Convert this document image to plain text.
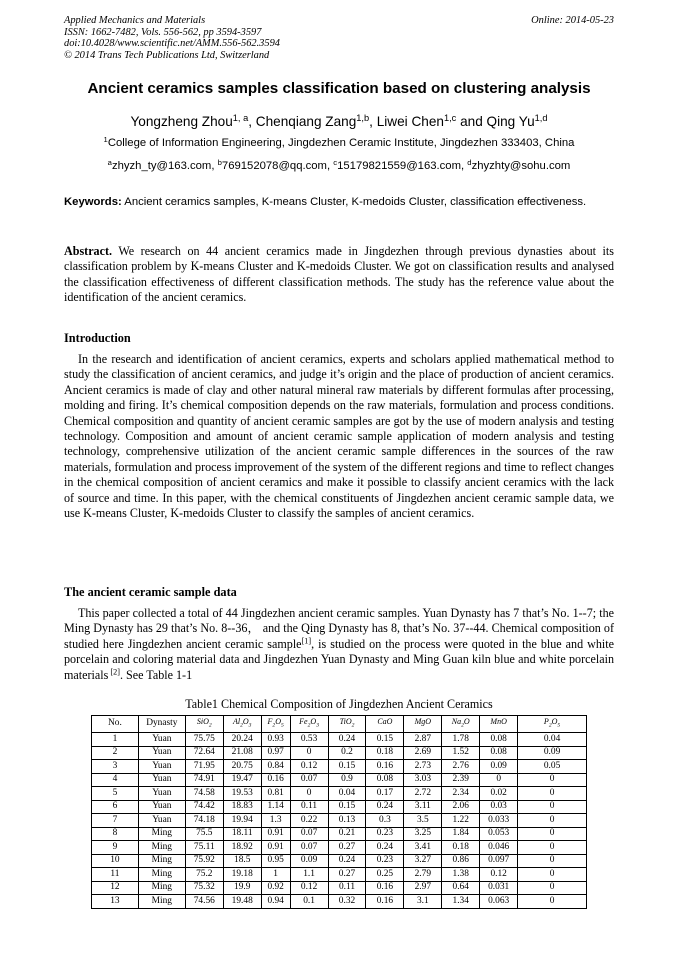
Applied Mechanics and Materials
ISSN: 1662-7482, Vols. 556-562, pp 3594-3597
doi:10.4028/www.scientific.net/AMM.556-562.3594
© 2014 Trans Tech Publications Ltd, Switzerland
Online: 2014-05-23
Ancient ceramics samples classification based on clustering analysis
Yongzheng Zhou$^{1, a}$, Chenqiang Zang$^{1,b}$, Liwei Chen$^{1,c}$ and Qing Yu$^{1,d}$
$^1$College of Information Engineering, Jingdezhen Ceramic Institute, Jingdezhen 333403, China
$^a$zhyzh_ty@163.com, $^b$769152078@qq.com, $^c$15179821559@163.com, $^d$zhyzhty@sohu.com
Keywords: Ancient ceramics samples, K-means Cluster, K-medoids Cluster, classification effectiveness.
Abstract. We research on 44 ancient ceramics made in Jingdezhen through previous dynasties about its classification problem by K-means Cluster and K-medoids Cluster. We got on classification results and analysed the classification effectiveness of different classification methods. The study has the reference value about the identification of the ancient ceramics.
Introduction
In the research and identification of ancient ceramics, experts and scholars applied mathematical method to study the classification of ancient ceramics, and judge it’s origin and the place of production of ancient ceramics. Ancient ceramics is made of clay and other natural mineral raw materials by different formulas after processing, molding and firing. It’s chemical composition depends on the raw materials, formulation and process conditions. Chemical composition and quantity of ancient ceramic samples are got by the use of modern analysis and testing technology. Composition and amount of ancient ceramic sample application of modern analysis and testing technology, comprehensive utilization of the ancient ceramic sample differences in the sources of the raw materials, formulation and process improvement of the system of the different regions and time to reflect changes in the chemical composition of ancient ceramics and make it possible to classify ancient ceramics with the lack of source and time. In this paper, with the chemical constituents of Jingdezhen ancient ceramic sample data, we use K-means Cluster, K-medoids Cluster to classify the samples of ancient ceramics.
The ancient ceramic sample data
This paper collected a total of 44 Jingdezhen ancient ceramic samples. Yuan Dynasty has 7 that’s No. 1--7; the Ming Dynasty has 29 that’s No. 8--36， and the Qing Dynasty has 8, that’s No. 37--44. Chemical composition of studied here Jingdezhen ancient ceramic sample[1], is studied on the process were quoted in the blue and white porcelain and coloring material data and Jingdezhen Yuan Dynasty and Ming Guan kiln blue and white porcelain materials [2]. See Table 1-1
Table1 Chemical Composition of Jingdezhen Ancient Ceramics
No.	Dynasty	SiO$_2$	$Al_2O_3$	$F_2O_5$	$Fe_2O_3$	TiO$_2$	CaO	MgO	$Na_2O$	MnO	$P_2O_5$
1	Yuan	75.75	20.24	0.93	0.53	0.24	0.15	2.87	1.78	0.08	0.04
2	Yuan	72.64	21.08	0.97	0	0.2	0.18	2.69	1.52	0.08	0.09
3	Yuan	71.95	20.75	0.84	0.12	0.15	0.16	2.73	2.76	0.09	0.05
4	Yuan	74.91	19.47	0.16	0.07	0.9	0.08	3.03	2.39	0	0
5	Yuan	74.58	19.53	0.81	0	0.04	0.17	2.72	2.34	0.02	0
6	Yuan	74.42	18.83	1.14	0.11	0.15	0.24	3.11	2.06	0.03	0
7	Yuan	74.18	19.94	1.3	0.22	0.13	0.3	3.5	1.22	0.033	0
8	Ming	75.5	18.11	0.91	0.07	0.21	0.23	3.25	1.84	0.053	0
9	Ming	75.11	18.92	0.91	0.07	0.27	0.24	3.41	0.18	0.046	0
10	Ming	75.92	18.5	0.95	0.09	0.24	0.23	3.27	0.86	0.097	0
11	Ming	75.2	19.18	1	1.1	0.27	0.25	2.79	1.38	0.12	0
12	Ming	75.32	19.9	0.92	0.12	0.11	0.16	2.97	0.64	0.031	0
13	Ming	74.56	19.48	0.94	0.1	0.32	0.16	3.1	1.34	0.063	0
